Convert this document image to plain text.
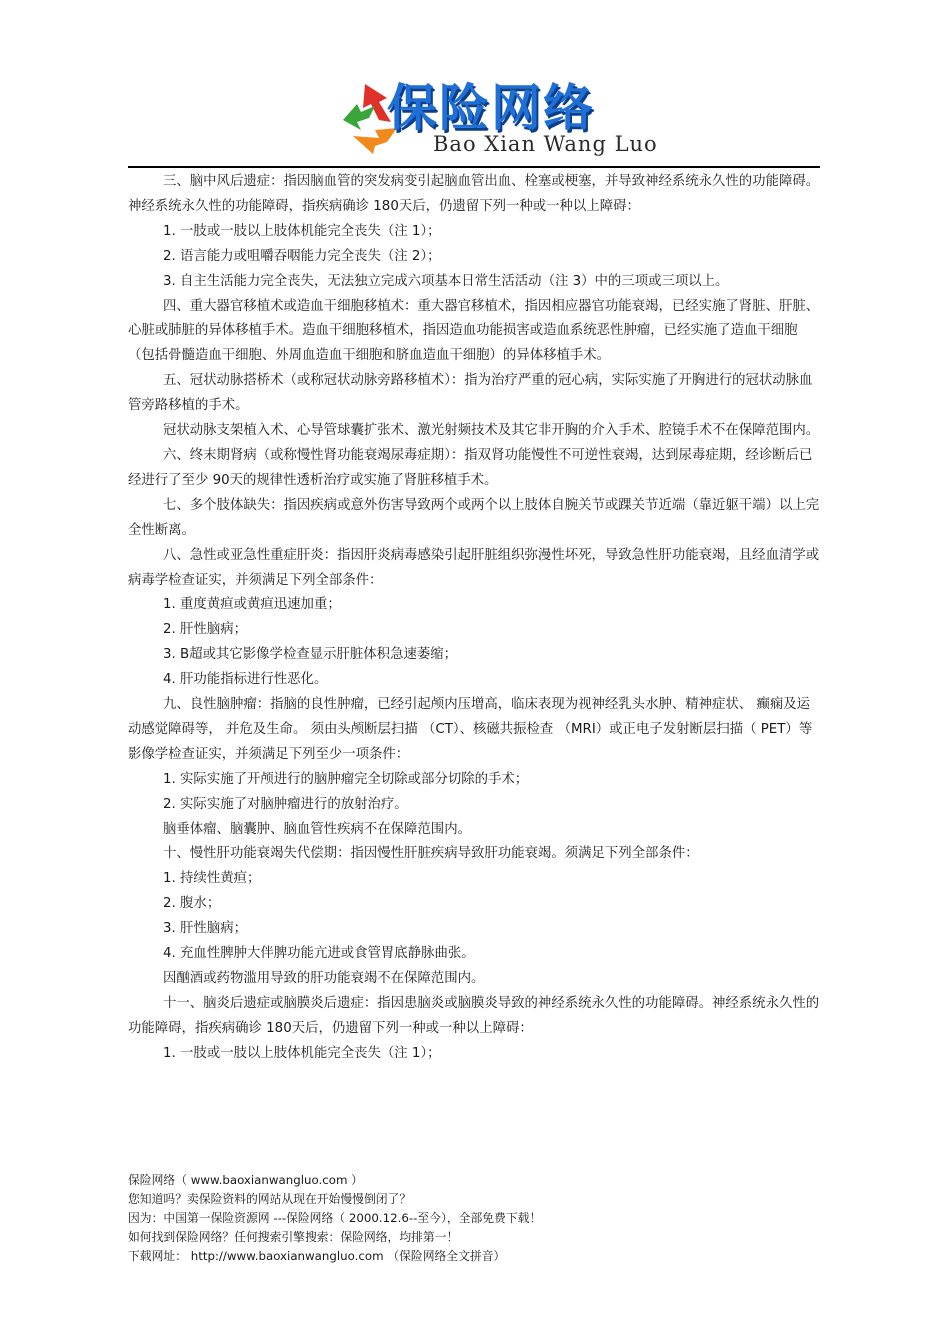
保险网络
Bao Xian Wang Luo

三、脑中风后遗症：指因脑血管的突发病变引起脑血管出血、栓塞或梗塞，并导致神经系统永久性的功能障碍。神经系统永久性的功能障碍，指疾病确诊 180天后，仍遗留下列一种或一种以上障碍：

1. 一肢或一肢以上肢体机能完全丧失（注 1）；

2. 语言能力或咀嚼吞咽能力完全丧失（注 2）；

3. 自主生活能力完全丧失，无法独立完成六项基本日常生活活动（注 3）中的三项或三项以上。

四、重大器官移植术或造血干细胞移植术：重大器官移植术，指因相应器官功能衰竭，已经实施了肾脏、肝脏、心脏或肺脏的异体移植手术。造血干细胞移植术，指因造血功能损害或造血系统恶性肿瘤，已经实施了造血干细胞（包括骨髓造血干细胞、外周血造血干细胞和脐血造血干细胞）的异体移植手术。

五、冠状动脉搭桥术（或称冠状动脉旁路移植术）：指为治疗严重的冠心病，实际实施了开胸进行的冠状动脉血管旁路移植的手术。

冠状动脉支架植入术、心导管球囊扩张术、激光射频技术及其它非开胸的介入手术、腔镜手术不在保障范围内。

六、终末期肾病（或称慢性肾功能衰竭尿毒症期）：指双肾功能慢性不可逆性衰竭，达到尿毒症期，经诊断后已经进行了至少 90天的规律性透析治疗或实施了肾脏移植手术。

七、多个肢体缺失：指因疾病或意外伤害导致两个或两个以上肢体自腕关节或踝关节近端（靠近躯干端）以上完全性断离。

八、急性或亚急性重症肝炎：指因肝炎病毒感染引起肝脏组织弥漫性坏死，导致急性肝功能衰竭，且经血清学或病毒学检查证实，并须满足下列全部条件：

1. 重度黄疸或黄疸迅速加重；

2. 肝性脑病；

3. B超或其它影像学检查显示肝脏体积急速萎缩；

4. 肝功能指标进行性恶化。

九、良性脑肿瘤：指脑的良性肿瘤，已经引起颅内压增高，临床表现为视神经乳头水肿、精神症状、 癫痫及运动感觉障碍等， 并危及生命。 须由头颅断层扫描 （CT）、核磁共振检查 （MRI）或正电子发射断层扫描（ PET）等影像学检查证实，并须满足下列至少一项条件：

1. 实际实施了开颅进行的脑肿瘤完全切除或部分切除的手术；

2. 实际实施了对脑肿瘤进行的放射治疗。

脑垂体瘤、脑囊肿、脑血管性疾病不在保障范围内。

十、慢性肝功能衰竭失代偿期：指因慢性肝脏疾病导致肝功能衰竭。须满足下列全部条件：

1. 持续性黄疸；

2. 腹水；

3. 肝性脑病；

4. 充血性脾肿大伴脾功能亢进或食管胃底静脉曲张。

因酗酒或药物滥用导致的肝功能衰竭不在保障范围内。

十一、脑炎后遗症或脑膜炎后遗症：指因患脑炎或脑膜炎导致的神经系统永久性的功能障碍。神经系统永久性的功能障碍，指疾病确诊 180天后，仍遗留下列一种或一种以上障碍：

1. 一肢或一肢以上肢体机能完全丧失（注 1）；

保险网络（ www.baoxianwangluo.com ）

您知道吗？卖保险资料的网站从现在开始慢慢倒闭了？

因为：中国第一保险资源网 ---保险网络（ 2000.12.6--至今），全部免费下载！

如何找到保险网络？任何搜索引擎搜索：保险网络，均排第一！

下载网址： http://www.baoxianwangluo.com （保险网络全文拼音）
